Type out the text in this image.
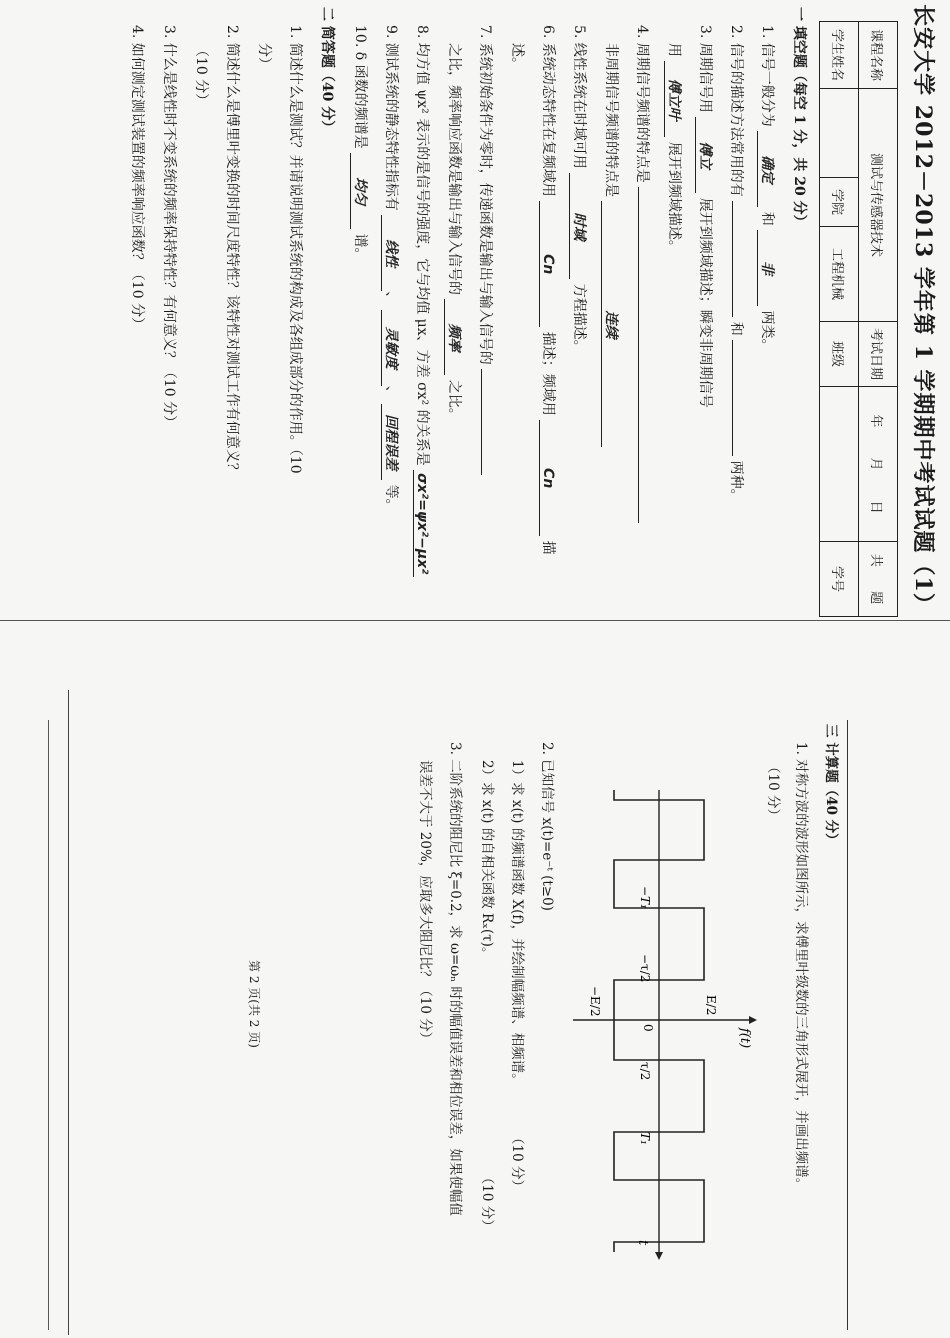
长安大学 2012－2013 学年第 1 学期期中考试试题（1）
课程名称	测试与传感器技术			考试日期	年 月 日	共 题
学生姓名		学院	工程机械	班级		学号
一 填空题（每空 1 分，共 20 分）
1. 信号一般分为 确定 和 非 两类。
2. 信号的描述方法常用的有  和  两种。
3. 周期信号用 傅立 展开到频域描述；瞬变非周期信号
用 傅立叶 展开到频域描述。
4. 周期信号频谱的特点是
非周期信号频谱的特点是 连续
5. 线性系统在时域可用 时域 方程描述。
6. 系统动态特性在复频域用 Cn 描述；频域用 Cn 描
述。
7. 系统初始条件为零时，传递函数是输出与输入信号的
之比，频率响应函数是输出与输入信号的 频率 之比。
8. 均方值 ψx² 表示的是信号的强度，它与均值 μx、方差 σx² 的关系是 σx²=ψx²−μx²
9. 测试系统的静态特性指标有 线性、 灵敏度、 回程误差 等。
10. δ 函数的频谱是 均匀 谱。
二 简答题（40 分）
1. 简述什么是测试？并请说明测试系统的构成及各组成部分的作用。（10
分）
2. 简述什么是傅里叶变换的时间尺度特性？该特性对测试工作有何意义？
（10 分）
3. 什么是线性时不变系统的频率保持特性？有何意义？（10 分）
4. 如何测定测试装置的频率响应函数？（10 分）
三 计算题（40 分）
1. 对称方波的波形如图所示，求傅里叶级数的三角形式展开，并画出频谱。
（10 分）
f(t)
t
E/2
−E/2
0
T₁
−T₁
τ/2
−τ/2
2. 已知信号 x(t)=e⁻ᵗ (t≥0)
1）求 x(t) 的频谱函数 X(f)，并绘制幅频谱、相频谱。 （10 分）
2）求 x(t) 的自相关函数 Rₓ(τ)。 （10 分）
3. 二阶系统的阻尼比 ξ=0.2，求 ω=ωₙ 时的幅值误差和相位误差，如果使幅值
误差不大于 20%，应取多大阻尼比？（10 分）
第 2 页(共 2 页)
